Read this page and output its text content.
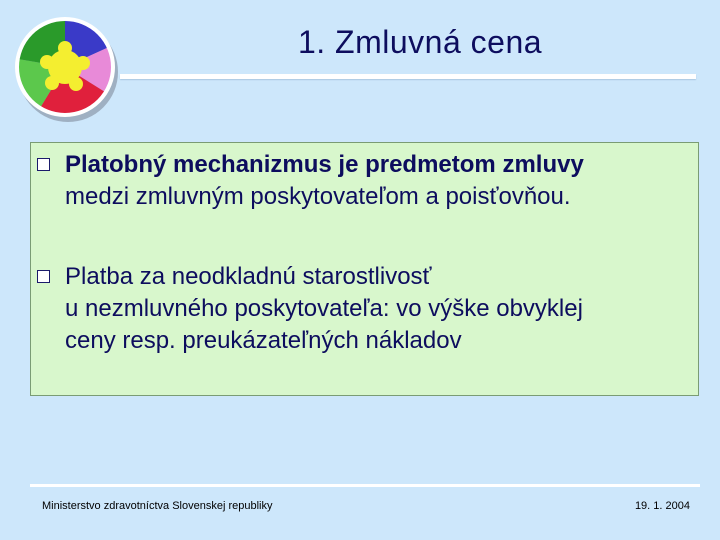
1. Zmluvná cena
Platobný mechanizmus je predmetom zmluvy
medzi zmluvným poskytovateľom a poisťovňou.
Platba za neodkladnú starostlivosť
u nezmluvného poskytovateľa: vo výške obvyklej
ceny resp. preukázateľných nákladov
Ministerstvo zdravotníctva Slovenskej republiky	19. 1. 2004
